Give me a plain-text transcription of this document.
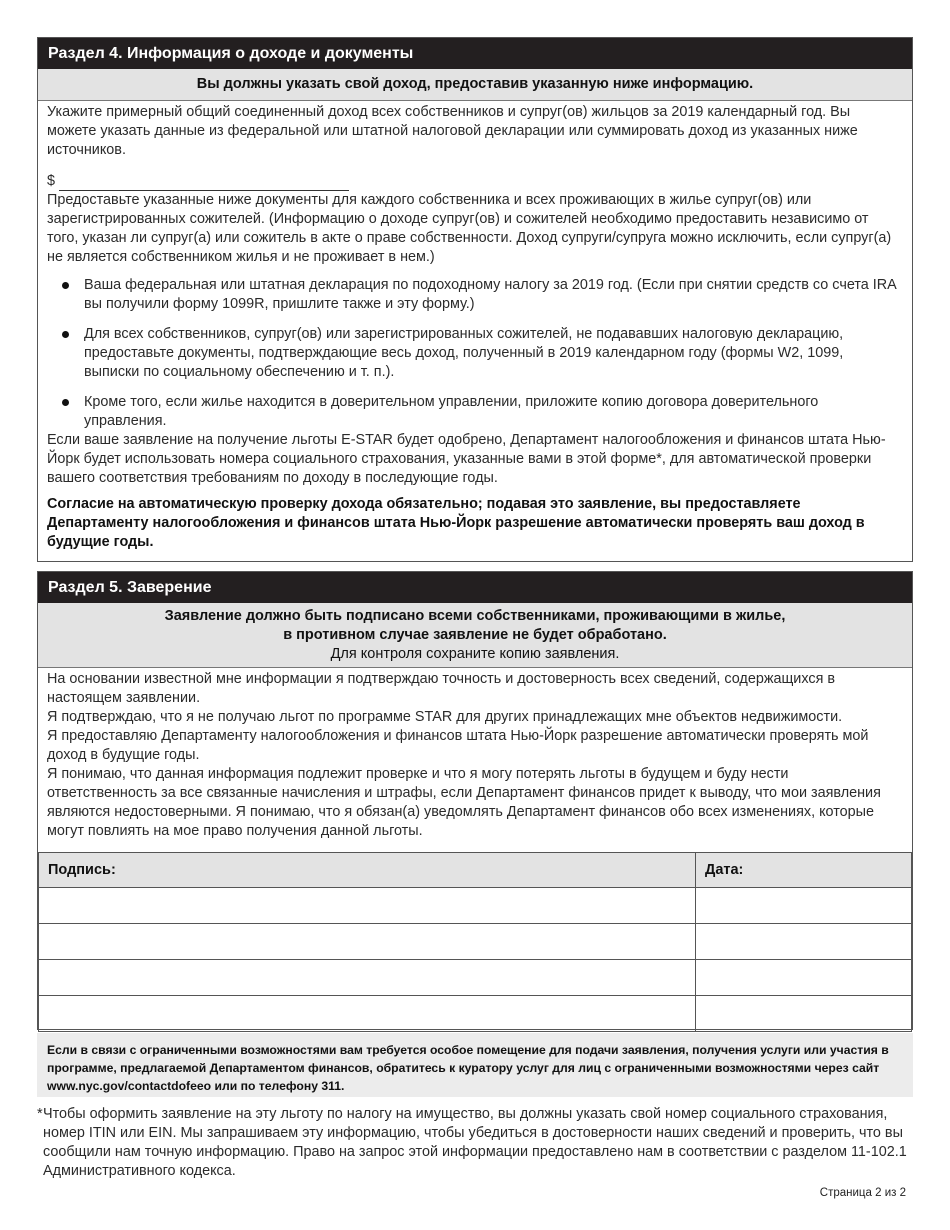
Раздел 4. Информация о доходе и документы
Вы должны указать свой доход, предоставив указанную ниже информацию.

Укажите примерный общий соединенный доход всех собственников и супруг(ов) жильцов за 2019 календарный год. Вы можете указать данные из федеральной или штатной налоговой декларации или суммировать доход из указанных ниже источников.

$

Предоставьте указанные ниже документы для каждого собственника и всех проживающих в жилье супруг(ов) или зарегистрированных сожителей. (Информацию о доходе супруг(ов) и сожителей необходимо предоставить независимо от того, указан ли супруг(а) или сожитель в акте о праве собственности. Доход супруги/супруга можно исключить, если супруг(а) не является собственником жилья и не проживает в нем.)

Ваша федеральная или штатная декларация по подоходному налогу за 2019 год. (Если при снятии средств со счета IRA вы получили форму 1099R, пришлите также и эту форму.)
Для всех собственников, супруг(ов) или зарегистрированных сожителей, не подававших налоговую декларацию, предоставьте документы, подтверждающие весь доход, полученный в 2019 календарном году (формы W2, 1099, выписки по социальному обеспечению и т. п.).
Кроме того, если жилье находится в доверительном управлении, приложите копию договора доверительного управления.

Если ваше заявление на получение льготы E-STAR будет одобрено, Департамент налогообложения и финансов штата Нью-Йорк будет использовать номера социального страхования, указанные вами в этой форме*, для автоматической проверки вашего соответствия требованиям по доходу в последующие годы.

Согласие на автоматическую проверку дохода обязательно; подавая это заявление, вы предоставляете Департаменту налогообложения и финансов штата Нью-Йорк разрешение автоматически проверять ваш доход в будущие годы.

Раздел 5. Заверение
Заявление должно быть подписано всеми собственниками, проживающими в жилье,
в противном случае заявление не будет обработано.
Для контроля сохраните копию заявления.

На основании известной мне информации я подтверждаю точность и достоверность всех сведений, содержащихся в настоящем заявлении.

Я подтверждаю, что я не получаю льгот по программе STAR для других принадлежащих мне объектов недвижимости.

Я предоставляю Департаменту налогообложения и финансов штата Нью-Йорк разрешение автоматически проверять мой доход в будущие годы.

Я понимаю, что данная информация подлежит проверке и что я могу потерять льготы в будущем и буду нести ответственность за все связанные начисления и штрафы, если Департамент финансов придет к выводу, что мои заявления являются недостоверными. Я понимаю, что я обязан(а) уведомлять Департамент финансов обо всех изменениях, которые могут повлиять на мое право получения данной льготы.

Подпись:	Дата:

Если в связи с ограниченными возможностями вам требуется особое помещение для подачи заявления, получения услуги или участия в программе, предлагаемой Департаментом финансов, обратитесь к куратору услуг для лиц с ограниченными возможностями через сайт www.nyc.gov/contactdofeeo или по телефону 311.
* Чтобы оформить заявление на эту льготу по налогу на имущество, вы должны указать свой номер социального страхования, номер ITIN или EIN. Мы запрашиваем эту информацию, чтобы убедиться в достоверности наших сведений и проверить, что вы сообщили нам точную информацию. Право на запрос этой информации предоставлено нам в соответствии с разделом 11-102.1 Административного кодекса.
Страница 2 из 2
